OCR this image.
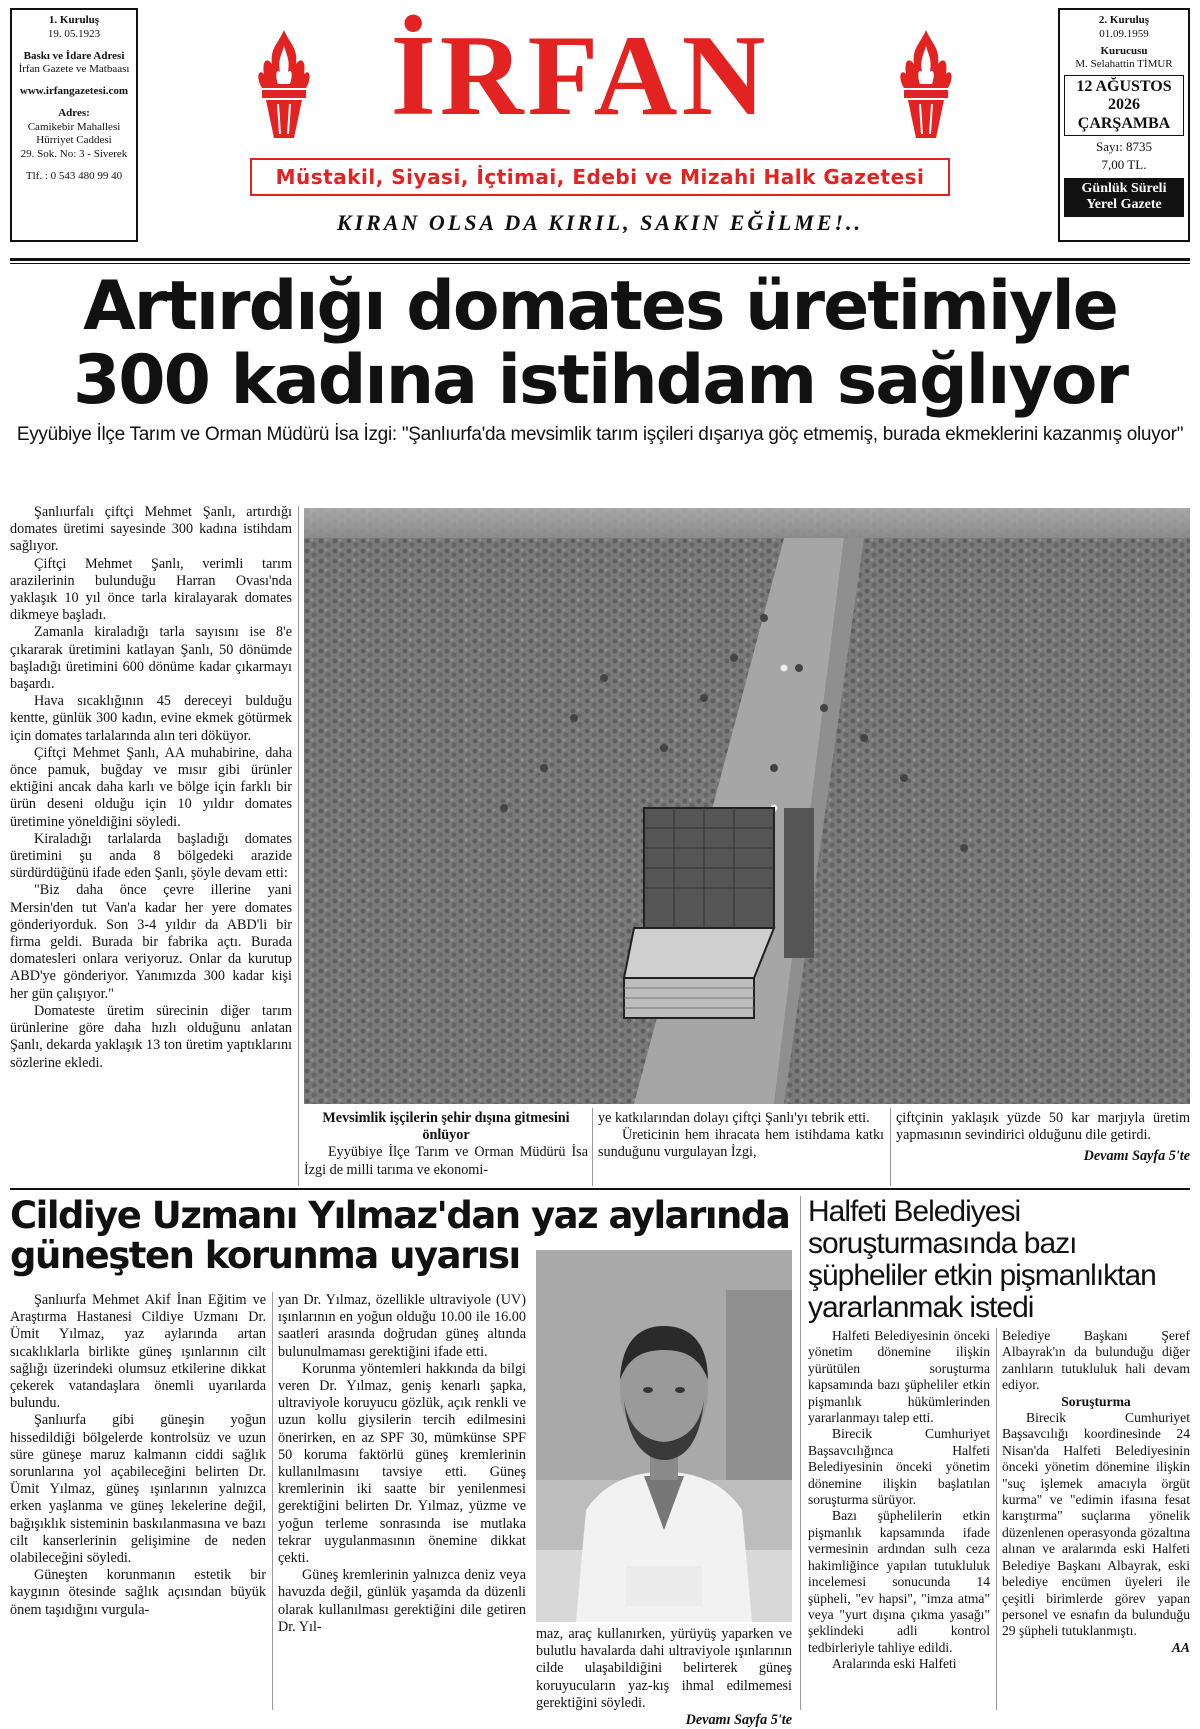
1. Kuruluş
19. 05.1923
Baskı ve İdare Adresi
İrfan Gazete ve Matbaası
www.irfangazetesi.com
Adres:
Camikebir Mahallesi
Hürriyet Caddesi
29. Sok. No: 3 - Siverek
Tlf. : 0 543 480 99 40
İRFAN
Müstakil, Siyasi, İçtimai, Edebi ve Mizahi Halk Gazetesi
KIRAN OLSA DA KIRIL, SAKIN EĞİLME!..
2. Kuruluş
01.09.1959
Kurucusu
M. Selahattin TİMUR
12 AĞUSTOS
2026
ÇARŞAMBA
Sayı: 8735
7,00 TL.
Günlük Süreli
Yerel Gazete
Artırdığı domates üretimiyle
300 kadına istihdam sağlıyor
Eyyübiye İlçe Tarım ve Orman Müdürü İsa İzgi: "Şanlıurfa'da mevsimlik tarım işçileri dışarıya göç etmemiş, burada ekmeklerini kazanmış oluyor"

Şanlıurfalı çiftçi Mehmet Şanlı, artırdığı domates üretimi sayesinde 300 kadına istihdam sağlıyor.

Çiftçi Mehmet Şanlı, verimli tarım arazilerinin bulunduğu Harran Ovası'nda yaklaşık 10 yıl önce tarla kiralayarak domates dikmeye başladı.

Zamanla kiraladığı tarla sayısını ise 8'e çıkararak üretimini katlayan Şanlı, 50 dönümde başladığı üretimini 600 dönüme kadar çıkarmayı başardı.

Hava sıcaklığının 45 dereceyi bulduğu kentte, günlük 300 kadın, evine ekmek götürmek için domates tarlalarında alın teri döküyor.

Çiftçi Mehmet Şanlı, AA muhabirine, daha önce pamuk, buğday ve mısır gibi ürünler ektiğini ancak daha karlı ve bölge için farklı bir ürün deseni olduğu için 10 yıldır domates üretimine yöneldiğini söyledi.

Kiraladığı tarlalarda başladığı domates üretimini şu anda 8 bölgedeki arazide sürdürdüğünü ifade eden Şanlı, şöyle devam etti:

"Biz daha önce çevre illerine yani Mersin'den tut Van'a kadar her yere domates gönderiyorduk. Son 3-4 yıldır da ABD'li bir firma geldi. Burada bir fabrika açtı. Burada domatesleri onlara veriyoruz. Onlar da kurutup ABD'ye gönderiyor. Yanımızda 300 kadar kişi her gün çalışıyor."

Domateste üretim sürecinin diğer tarım ürünlerine göre daha hızlı olduğunu anlatan Şanlı, dekarda yaklaşık 13 ton üretim yaptıklarını sözlerine ekledi.

Mevsimlik işçilerin şehir dışına gitmesini önlüyor

Eyyübiye İlçe Tarım ve Orman Müdürü İsa İzgi de milli tarıma ve ekonomi-

ye katkılarından dolayı çiftçi Şanlı'yı tebrik etti.

Üreticinin hem ihracata hem istihdama katkı sunduğunu vurgulayan İzgi,

çiftçinin yaklaşık yüzde 50 kar marjıyla üretim yapmasının sevindirici olduğunu dile getirdi.

Devamı Sayfa 5'te

Cildiye Uzmanı Yılmaz'dan yaz aylarında
güneşten korunma uyarısı

Şanlıurfa Mehmet Akif İnan Eğitim ve Araştırma Hastanesi Cildiye Uzmanı Dr. Ümit Yılmaz, yaz aylarında artan sıcaklıklarla birlikte güneş ışınlarının cilt sağlığı üzerindeki olumsuz etkilerine dikkat çekerek vatandaşlara önemli uyarılarda bulundu.

Şanlıurfa gibi güneşin yoğun hissedildiği bölgelerde kontrolsüz ve uzun süre güneşe maruz kalmanın ciddi sağlık sorunlarına yol açabileceğini belirten Dr. Ümit Yılmaz, güneş ışınlarının yalnızca erken yaşlanma ve güneş lekelerine değil, bağışıklık sisteminin baskılanmasına ve bazı cilt kanserlerinin gelişimine de neden olabileceğini söyledi.

Güneşten korunmanın estetik bir kaygının ötesinde sağlık açısından büyük önem taşıdığını vurgula-

yan Dr. Yılmaz, özellikle ultraviyole (UV) ışınlarının en yoğun olduğu 10.00 ile 16.00 saatleri arasında doğrudan güneş altında bulunulmaması gerektiğini ifade etti.

Korunma yöntemleri hakkında da bilgi veren Dr. Yılmaz, geniş kenarlı şapka, ultraviyole koruyucu gözlük, açık renkli ve uzun kollu giysilerin tercih edilmesini önerirken, en az SPF 30, mümkünse SPF 50 koruma faktörlü güneş kremlerinin kullanılmasını tavsiye etti. Güneş kremlerinin iki saatte bir yenilenmesi gerektiğini belirten Dr. Yılmaz, yüzme ve yoğun terleme sonrasında ise mutlaka tekrar uygulanmasının önemine dikkat çekti.

Güneş kremlerinin yalnızca deniz veya havuzda değil, günlük yaşamda da düzenli olarak kullanılması gerektiğini dile getiren Dr. Yıl-	maz, araç kullanırken, yürüyüş yaparken ve bulutlu havalarda dahi ultraviyole ışınlarının cilde ulaşabildiğini belirterek güneş koruyucuların yaz-kış ihmal edilmemesi gerektiğini söyledi.

Devamı Sayfa 5'te

Halfeti Belediyesi
soruşturmasında bazı
şüpheliler etkin pişmanlıktan
yararlanmak istedi

Halfeti Belediyesinin önceki yönetim dönemine ilişkin yürütülen soruşturma kapsamında bazı şüpheliler etkin pişmanlık hükümlerinden yararlanmayı talep etti.

Birecik Cumhuriyet Başsavcılığınca Halfeti Belediyesinin önceki yönetim dönemine ilişkin başlatılan soruşturma sürüyor.

Bazı şüphelilerin etkin pişmanlık kapsamında ifade vermesinin ardından sulh ceza hakimliğince yapılan tutukluluk incelemesi sonucunda 14 şüpheli, "ev hapsi", "imza atma" veya "yurt dışına çıkma yasağı" şeklindeki adli kontrol tedbirleriyle tahliye edildi.

Aralarında eski Halfeti

Belediye Başkanı Şeref Albayrak'ın da bulunduğu diğer zanlıların tutukluluk hali devam ediyor.

Soruşturma

Birecik Cumhuriyet Başsavcılığı koordinesinde 24 Nisan'da Halfeti Belediyesinin önceki yönetim dönemine ilişkin "suç işlemek amacıyla örgüt kurma" ve "edimin ifasına fesat karıştırma" suçlarına yönelik düzenlenen operasyonda gözaltına alınan ve aralarında eski Halfeti Belediye Başkanı Albayrak, eski belediye encümen üyeleri ile çeşitli birimlerde görev yapan personel ve esnafın da bulunduğu 29 şüpheli tutuklanmıştı.

AA
